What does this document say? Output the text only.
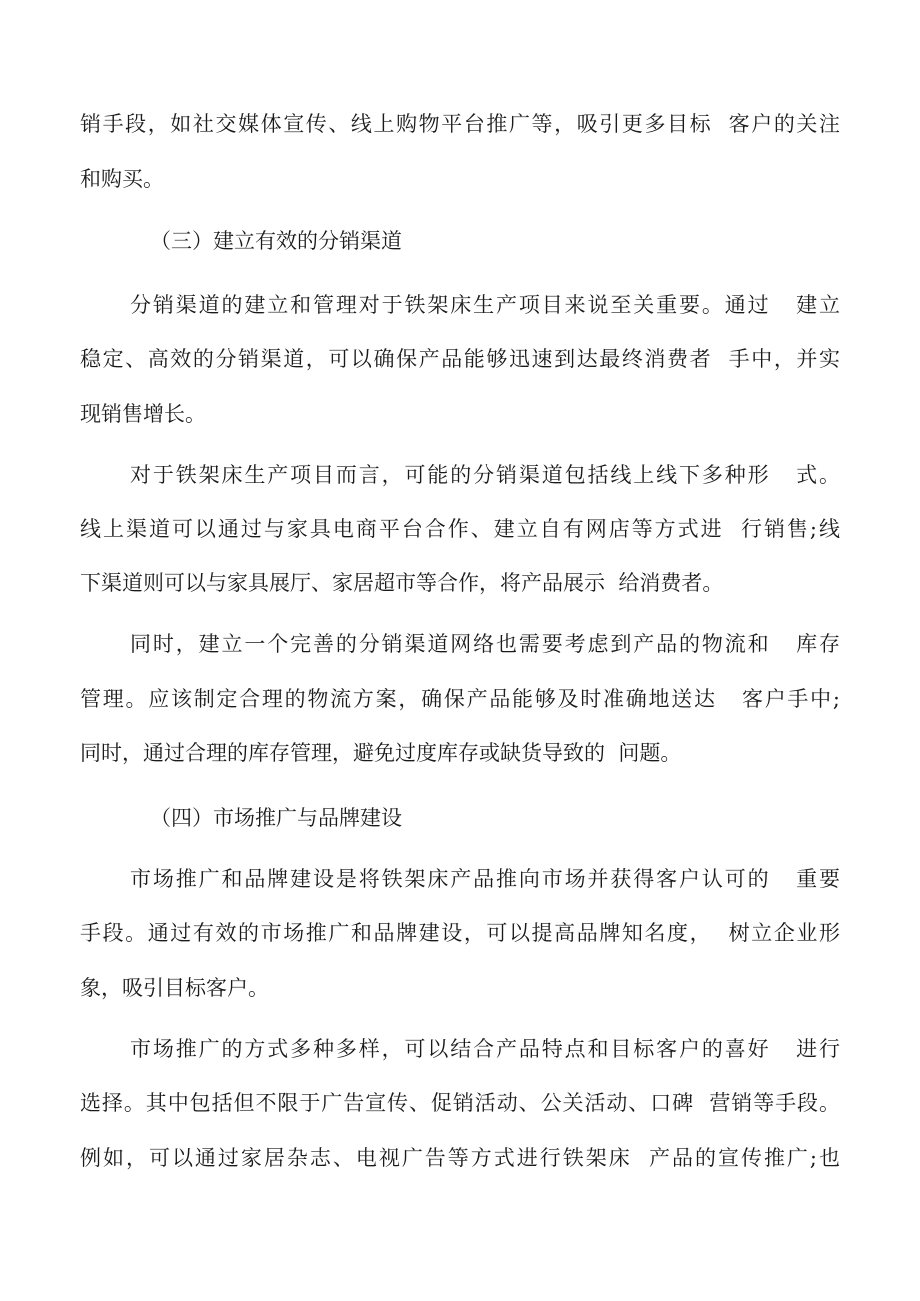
销手段，如社交媒体宣传、线上购物平台推广等，吸引更多目标  客户的关注

和购买。

（三）建立有效的分销渠道

分销渠道的建立和管理对于铁架床生产项目来说至关重要。通过   建立

稳定、高效的分销渠道，可以确保产品能够迅速到达最终消费者  手中，并实

现销售增长。

对于铁架床生产项目而言，可能的分销渠道包括线上线下多种形   式。

线上渠道可以通过与家具电商平台合作、建立自有网店等方式进  行销售;线

下渠道则可以与家具展厅、家居超市等合作，将产品展示  给消费者。

同时，建立一个完善的分销渠道网络也需要考虑到产品的物流和   库存

管理。应该制定合理的物流方案，确保产品能够及时准确地送达   客户手中;

同时，通过合理的库存管理，避免过度库存或缺货导致的  问题。

（四）市场推广与品牌建设

市场推广和品牌建设是将铁架床产品推向市场并获得客户认可的   重要

手段。通过有效的市场推广和品牌建设，可以提高品牌知名度，  树立企业形

象，吸引目标客户。

市场推广的方式多种多样，可以结合产品特点和目标客户的喜好   进行

选择。其中包括但不限于广告宣传、促销活动、公关活动、口碑  营销等手段。

例如，可以通过家居杂志、电视广告等方式进行铁架床  产品的宣传推广;也
